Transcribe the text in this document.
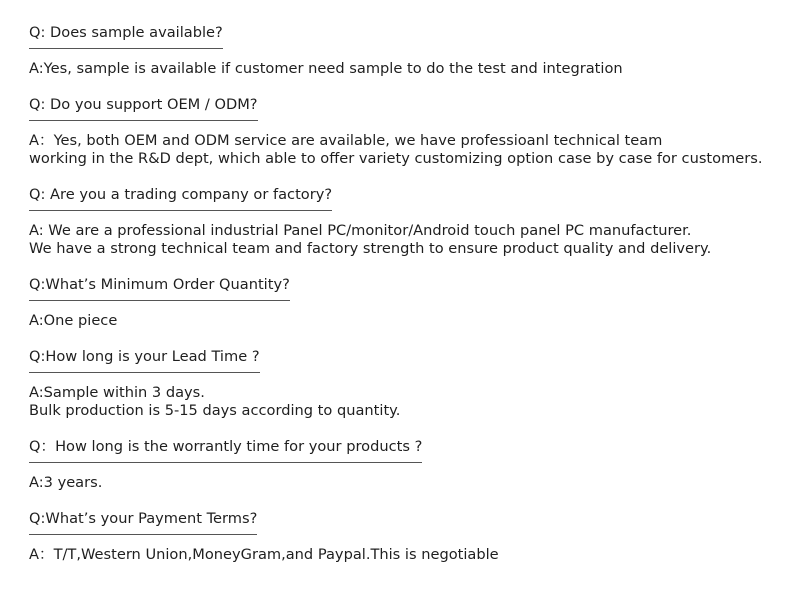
Q: Does sample available?
A:Yes, sample is available if customer need sample to do the test and integration
Q: Do you support OEM / ODM?
A：Yes, both OEM and ODM service are available, we have professioanl technical team
working in the R&D dept, which able to offer variety customizing option case by case for customers.
Q: Are you a trading company or factory?
A: We are a professional industrial Panel PC/monitor/Android touch panel PC manufacturer.
We have a strong technical team and factory strength to ensure product quality and delivery.
Q:What’s Minimum Order Quantity?
A:One piece
Q:How long is your Lead Time ?
A:Sample within 3 days.
Bulk production is 5-15 days according to quantity.
Q：How long is the worrantly time for your products ?
A:3 years.
Q:What’s your Payment Terms?
A：T/T,Western Union,MoneyGram,and Paypal.This is negotiable
